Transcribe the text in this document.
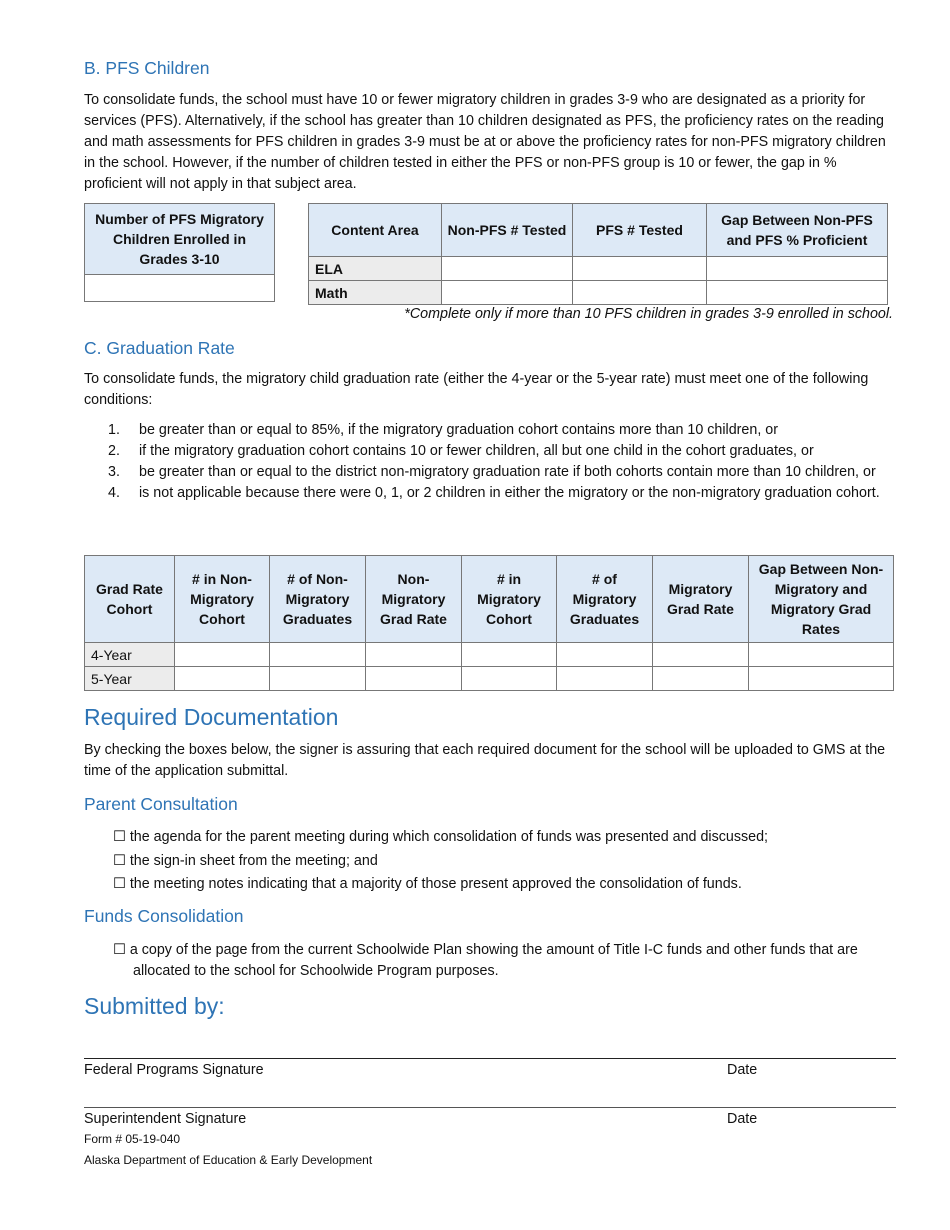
B. PFS Children
To consolidate funds, the school must have 10 or fewer migratory children in grades 3-9 who are designated as a priority for services (PFS). Alternatively, if the school has greater than 10 children designated as PFS, the proficiency rates on the reading and math assessments for PFS children in grades 3-9 must be at or above the proficiency rates for non-PFS migratory children in the school. However, if the number of children tested in either the PFS or non-PFS group is 10 or fewer, the gap in % proficient will not apply in that subject area.
Number of PFS Migratory Children Enrolled in Grades 3-10

Content Area	Non-PFS # Tested	PFS # Tested	Gap Between Non-PFS and PFS % Proficient
ELA			
Math			
*Complete only if more than 10 PFS children in grades 3-9 enrolled in school.
C. Graduation Rate
To consolidate funds, the migratory child graduation rate (either the 4-year or the 5-year rate) must meet one of the following conditions:
1. be greater than or equal to 85%, if the migratory graduation cohort contains more than 10 children, or
2. if the migratory graduation cohort contains 10 or fewer children, all but one child in the cohort graduates, or
3. be greater than or equal to the district non-migratory graduation rate if both cohorts contain more than 10 children, or
4. is not applicable because there were 0, 1, or 2 children in either the migratory or the non-migratory graduation cohort.
Grad Rate Cohort	# in Non-Migratory Cohort	# of Non-Migratory Graduates	Non-Migratory Grad Rate	# in Migratory Cohort	# of Migratory Graduates	Migratory Grad Rate	Gap Between Non-Migratory and Migratory Grad Rates
4-Year							
5-Year							
Required Documentation
By checking the boxes below, the signer is assuring that each required document for the school will be uploaded to GMS at the time of the application submittal.
Parent Consultation
☐ the agenda for the parent meeting during which consolidation of funds was presented and discussed;
☐ the sign-in sheet from the meeting; and
☐ the meeting notes indicating that a majority of those present approved the consolidation of funds.
Funds Consolidation
☐ a copy of the page from the current Schoolwide Plan showing the amount of Title I-C funds and other funds that are allocated to the school for Schoolwide Program purposes.
Submitted by:
Federal Programs Signature	Date
Superintendent Signature	Date
Form # 05-19-040
Alaska Department of Education & Early Development
